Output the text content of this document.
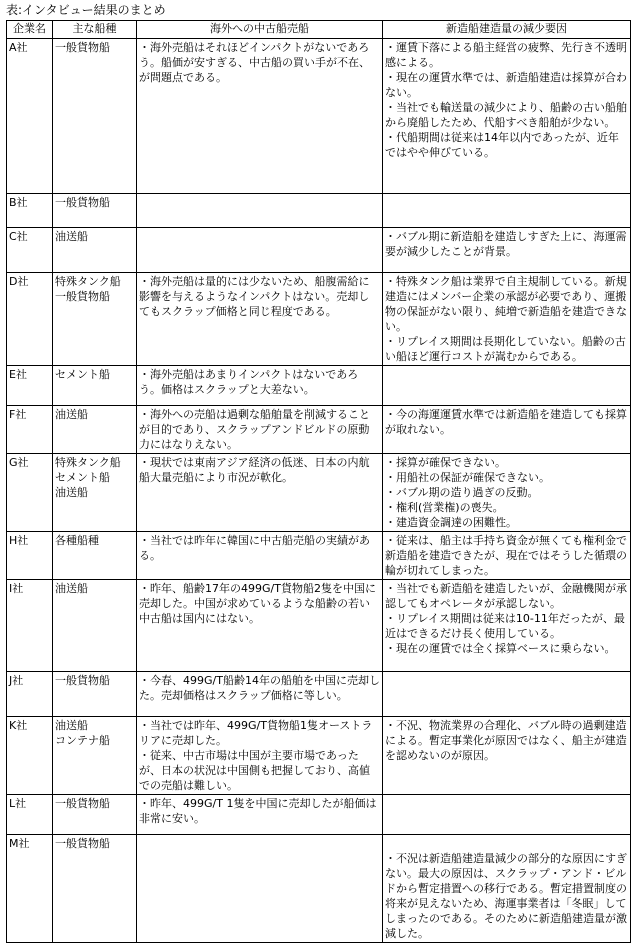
表:インタビュー結果のまとめ
企業名	主な船種	海外への中古船売船	新造船建造量の減少要因
A社	一般貨物船	・海外売船はそれほどインパクトがないであろう。船価が安すぎる、中古船の買い手が不在、が問題点である。	・運賃下落による船主経営の疲弊、先行き不透明感による。
・現在の運賃水準では、新造船建造は採算が合わない。
・当社でも輸送量の減少により、船齢の古い船舶から廃船したため、代船すべき船舶が少ない。
・代船期間は従来は14年以内であったが、近年ではやや伸びている。

B社	一般貨物船		

C社	油送船		・バブル期に新造船を建造しすぎた上に、海運需要が減少したことが背景。

D社	特殊タンク船
一般貨物船	・海外売船は量的には少ないため、船腹需給に影響を与えるようなインパクトはない。売却してもスクラップ価格と同じ程度である。	・特殊タンク船は業界で自主規制している。新規建造にはメンバー企業の承認が必要であり、運搬物の保証がない限り、純増で新造船を建造できない。
・リプレイス期間は長期化していない。船齢の古い船ほど運行コストが嵩むからである。

E社	セメント船	・海外売船はあまりインパクトはないであろう。価格はスクラップと大差ない。	

F社	油送船	・海外への売船は過剰な船舶量を削減することが目的であり、スクラップアンドビルドの原動力にはなりえない。	・今の海運運賃水準では新造船を建造しても採算が取れない。

G社	特殊タンク船
セメント船
油送船	・現状では東南アジア経済の低迷、日本の内航船大量売船により市況が軟化。	・採算が確保できない。
・用船社の保証が確保できない。
・バブル期の造り過ぎの反動。
・権利(営業権)の喪失。
・建造資金調達の困難性。

H社	各種船種	・当社では昨年に韓国に中古船売船の実績がある。	・従来は、船主は手持ち資金が無くても権利金で新造船を建造できたが、現在ではそうした循環の輪が切れてしまった。

I社	油送船	・昨年、船齢17年の499G/T貨物船2隻を中国に売却した。中国が求めているような船齢の若い中古船は国内にはない。	・当社でも新造船を建造したいが、金融機関が承認してもオペレータが承認しない。
・リプレイス期間は従来は10-11年だったが、最近はできるだけ長く使用している。
・現在の運賃では全く採算ベースに乗らない。

J社	一般貨物船	・今春、499G/T船齢14年の船舶を中国に売却した。売却価格はスクラップ価格に等しい。	

K社	油送船
コンテナ船	・当社では昨年、499G/T貨物船1隻オーストラリアに売却した。
・従来、中古市場は中国が主要市場であったが、日本の状況は中国側も把握しており、高値での売船は難しい。	・不況、物流業界の合理化、バブル時の過剰建造による。暫定事業化が原因ではなく、船主が建造を認めないのが原因。

L社	一般貨物船	・昨年、499G/T 1隻を中国に売却したが船価は非常に安い。	

M社	一般貨物船		・不況は新造船建造量減少の部分的な原因にすぎない。最大の原因は、スクラップ・アンド・ビルドから暫定措置への移行である。暫定措置制度の将来が見えないため、海運事業者は「冬眠」してしまったのである。そのために新造船建造量が激減した。
